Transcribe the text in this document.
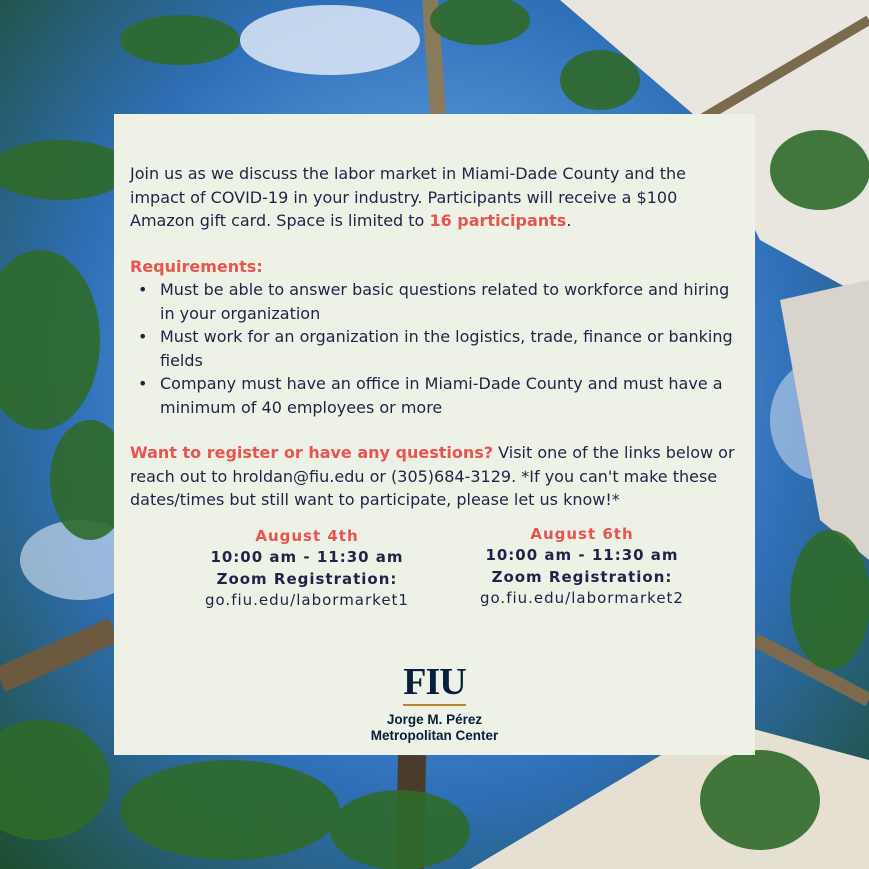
Join us as we discuss the labor market in Miami-Dade County and the impact of COVID-19 in your industry. Participants will receive a $100 Amazon gift card. Space is limited to 16 participants.

Requirements:

• Must be able to answer basic questions related to workforce and hiring in your organization
• Must work for an organization in the logistics, trade, finance or banking fields
• Company must have an office in Miami-Dade County and must have a minimum of 40 employees or more

Want to register or have any questions? Visit one of the links below or reach out to hroldan@fiu.edu or (305)684-3129. *If you can't make these dates/times but still want to participate, please let us know!*

August 4th
10:00 am - 11:30 am
Zoom Registration:
go.fiu.edu/labormarket1
August 6th
10:00 am - 11:30 am
Zoom Registration:
go.fiu.edu/labormarket2
FIU
Jorge M. Pérez
Metropolitan Center
